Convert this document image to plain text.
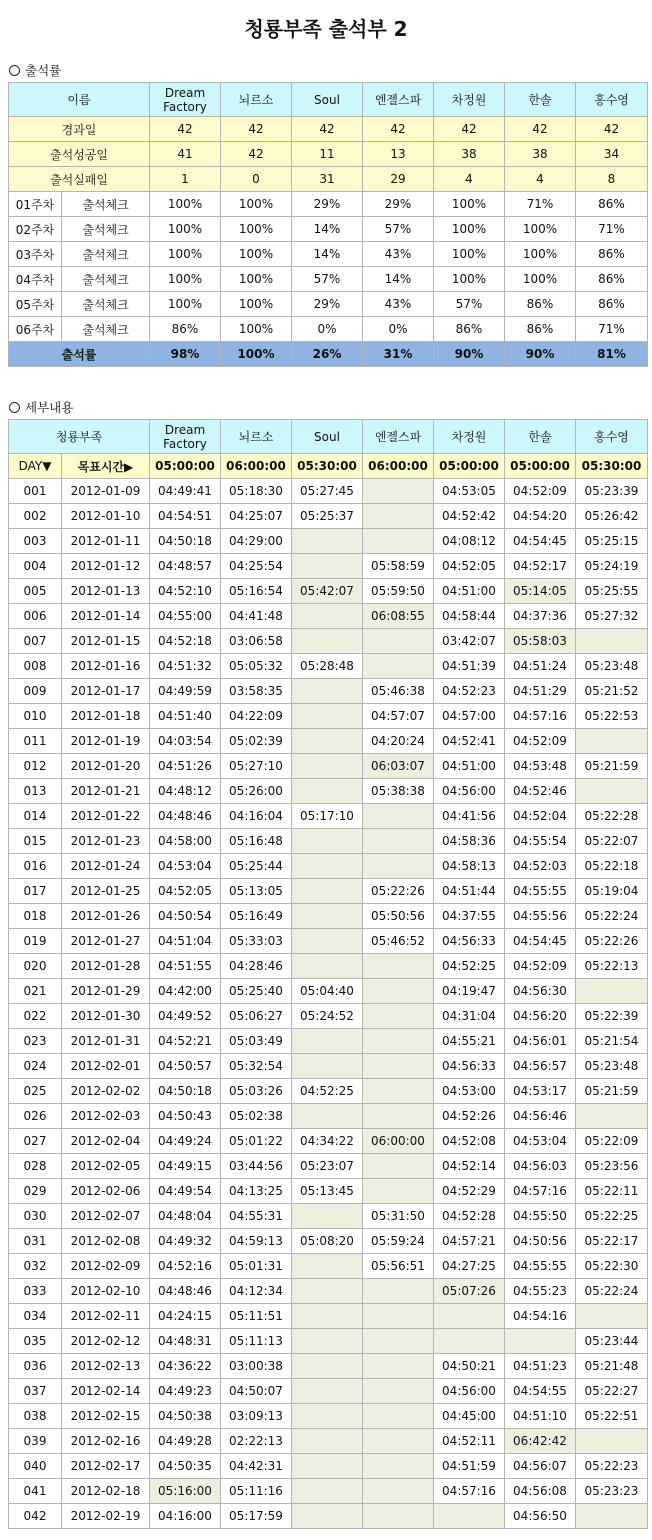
청룡부족 출석부 2
출석률
이름		Dream Factory	뇌르소	Soul	엔젤스파	차정원	한솔	홍수영
경과일		42	42	42	42	42	42	42
출석성공일		41	42	11	13	38	38	34
출석실패일		1	0	31	29	4	4	8
01주차	출석체크	100%	100%	29%	29%	100%	71%	86%
02주차	출석체크	100%	100%	14%	57%	100%	100%	71%
03주차	출석체크	100%	100%	14%	43%	100%	100%	86%
04주차	출석체크	100%	100%	57%	14%	100%	100%	86%
05주차	출석체크	100%	100%	29%	43%	57%	86%	86%
06주차	출석체크	86%	100%	0%	0%	86%	86%	71%
출석률		98%	100%	26%	31%	90%	90%	81%
세부내용
청룡부족		Dream Factory	뇌르소	Soul	엔젤스파	차정원	한솔	홍수영
DAY▼	목표시간▶	05:00:00	06:00:00	05:30:00	06:00:00	05:00:00	05:00:00	05:30:00
001	2012-01-09	04:49:41	05:18:30	05:27:45		04:53:05	04:52:09	05:23:39
002	2012-01-10	04:54:51	04:25:07	05:25:37		04:52:42	04:54:20	05:26:42
003	2012-01-11	04:50:18	04:29:00			04:08:12	04:54:45	05:25:15
004	2012-01-12	04:48:57	04:25:54		05:58:59	04:52:05	04:52:17	05:24:19
005	2012-01-13	04:52:10	05:16:54	05:42:07	05:59:50	04:51:00	05:14:05	05:25:55
006	2012-01-14	04:55:00	04:41:48		06:08:55	04:58:44	04:37:36	05:27:32
007	2012-01-15	04:52:18	03:06:58			03:42:07	05:58:03	
008	2012-01-16	04:51:32	05:05:32	05:28:48		04:51:39	04:51:24	05:23:48
009	2012-01-17	04:49:59	03:58:35		05:46:38	04:52:23	04:51:29	05:21:52
010	2012-01-18	04:51:40	04:22:09		04:57:07	04:57:00	04:57:16	05:22:53
011	2012-01-19	04:03:54	05:02:39		04:20:24	04:52:41	04:52:09	
012	2012-01-20	04:51:26	05:27:10		06:03:07	04:51:00	04:53:48	05:21:59
013	2012-01-21	04:48:12	05:26:00		05:38:38	04:56:00	04:52:46	
014	2012-01-22	04:48:46	04:16:04	05:17:10		04:41:56	04:52:04	05:22:28
015	2012-01-23	04:58:00	05:16:48			04:58:36	04:55:54	05:22:07
016	2012-01-24	04:53:04	05:25:44			04:58:13	04:52:03	05:22:18
017	2012-01-25	04:52:05	05:13:05		05:22:26	04:51:44	04:55:55	05:19:04
018	2012-01-26	04:50:54	05:16:49		05:50:56	04:37:55	04:55:56	05:22:24
019	2012-01-27	04:51:04	05:33:03		05:46:52	04:56:33	04:54:45	05:22:26
020	2012-01-28	04:51:55	04:28:46			04:52:25	04:52:09	05:22:13
021	2012-01-29	04:42:00	05:25:40	05:04:40		04:19:47	04:56:30	
022	2012-01-30	04:49:52	05:06:27	05:24:52		04:31:04	04:56:20	05:22:39
023	2012-01-31	04:52:21	05:03:49			04:55:21	04:56:01	05:21:54
024	2012-02-01	04:50:57	05:32:54			04:56:33	04:56:57	05:23:48
025	2012-02-02	04:50:18	05:03:26	04:52:25		04:53:00	04:53:17	05:21:59
026	2012-02-03	04:50:43	05:02:38			04:52:26	04:56:46	
027	2012-02-04	04:49:24	05:01:22	04:34:22	06:00:00	04:52:08	04:53:04	05:22:09
028	2012-02-05	04:49:15	03:44:56	05:23:07		04:52:14	04:56:03	05:23:56
029	2012-02-06	04:49:54	04:13:25	05:13:45		04:52:29	04:57:16	05:22:11
030	2012-02-07	04:48:04	04:55:31		05:31:50	04:52:28	04:55:50	05:22:25
031	2012-02-08	04:49:32	04:59:13	05:08:20	05:59:24	04:57:21	04:50:56	05:22:17
032	2012-02-09	04:52:16	05:01:31		05:56:51	04:27:25	04:55:55	05:22:30
033	2012-02-10	04:48:46	04:12:34			05:07:26	04:55:23	05:22:24
034	2012-02-11	04:24:15	05:11:51				04:54:16	
035	2012-02-12	04:48:31	05:11:13					05:23:44
036	2012-02-13	04:36:22	03:00:38			04:50:21	04:51:23	05:21:48
037	2012-02-14	04:49:23	04:50:07			04:56:00	04:54:55	05:22:27
038	2012-02-15	04:50:38	03:09:13			04:45:00	04:51:10	05:22:51
039	2012-02-16	04:49:28	02:22:13			04:52:11	06:42:42	
040	2012-02-17	04:50:35	04:42:31			04:51:59	04:56:07	05:22:23
041	2012-02-18	05:16:00	05:11:16			04:57:16	04:56:08	05:23:23
042	2012-02-19	04:16:00	05:17:59				04:56:50	
